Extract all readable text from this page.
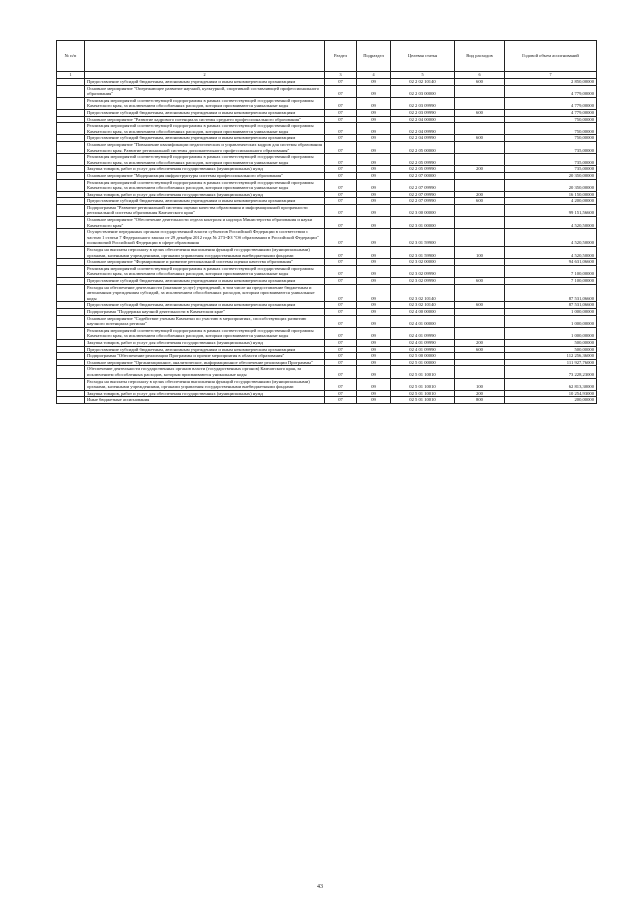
№ п/п		Раздел	Подраздел	Целевая статья	Вид расходов	Годовой объем ассигнований
1	2	3	4	5	6	7
	Предоставление субсидий бюджетным, автономным учреждениям и иным некоммерческим организациям	07	09	02 2 02 10140	600	2 850,00000
	Основное мероприятие "Опережающее развитие научной, культурной, спортивной составляющей профессионального образования"	07	09	02 2 03 00000		4 779,00000
	Реализация мероприятий соответствующей подпрограммы в рамках соответствующей государственной программы Камчатского края, за исключением обособленных расходов, которым присваиваются уникальные коды	07	09	02 2 03 09990		4 779,00000
	Предоставление субсидий бюджетным, автономным учреждениям и иным некоммерческим организациям	07	09	02 2 03 09990	600	4 779,00000
	Основное мероприятие "Развитие кадрового потенциала системы среднего профессионального образования"	07	09	02 2 04 00000		750,00000
	Реализация мероприятий соответствующей подпрограммы в рамках соответствующей государственной программы Камчатского края, за исключением обособленных расходов, которым присваиваются уникальные коды	07	09	02 2 04 09990		750,00000
	Предоставление субсидий бюджетным, автономным учреждениям и иным некоммерческим организациям	07	09	02 2 04 09990	600	750,00000
	Основное мероприятие "Повышение квалификации педагогических и управленческих кадров для системы образования Камчатского края. Развитие региональной системы дополнительного профессионального образования"	07	09	02 2 05 00000		735,00000
	Реализация мероприятий соответствующей подпрограммы в рамках соответствующей государственной программы Камчатского края, за исключением обособленных расходов, которым присваиваются уникальные коды	07	09	02 2 05 09990		735,00000
	Закупка товаров, работ и услуг для обеспечения государственных (муниципальных) нужд	07	09	02 2 05 09990	200	735,00000
	Основное мероприятие "Модернизация инфраструктуры системы профессионального образования"	07	09	02 2 07 00000		20 350,00000
	Реализация мероприятий соответствующей подпрограммы в рамках соответствующей государственной программы Камчатского края, за исключением обособленных расходов, которым присваиваются уникальные коды	07	09	02 2 07 09990		20 350,00000
	Закупка товаров, работ и услуг для обеспечения государственных (муниципальных) нужд	07	09	02 2 07 09990	200	16 150,00000
	Предоставление субсидий бюджетным, автономным учреждениям и иным некоммерческим организациям	07	09	02 2 07 09990	600	4 200,00000
	Подпрограмма "Развитие региональной системы оценки качества образования и информационной прозрачности региональной системы образования Камчатского края"	07	09	02 3 00 00000		99 151,56600
	Основное мероприятие "Обеспечение деятельности отдела контроля и надзора Министерства образования и науки Камчатского края"	07	09	02 3 01 00000		4 520,50000
	Осуществление переданных органам государственной власти субъектов Российской Федерации в соответствии с частью 1 статьи 7 Федерального закона от 29 декабря 2012 года № 273-ФЗ "Об образовании в Российской Федерации" полномочий Российской Федерации в сфере образования	07	09	02 3 01 59900		4 520,50000
	Расходы на выплаты персоналу в целях обеспечения выполнения функций государственными (муниципальными) органами, казенными учреждениями, органами управления государственными внебюджетными фондами	07	09	02 3 01 59900	100	4 520,50000
	Основное мероприятие "Формирование и развитие региональной системы оценки качества образования"	07	09	02 3 02 00000		94 631,06600
	Реализация мероприятий соответствующей подпрограммы в рамках соответствующей государственной программы Камчатского края, за исключением обособленных расходов, которым присваиваются уникальные коды	07	09	02 3 02 09990		7 100,00000
	Предоставление субсидий бюджетным, автономным учреждениям и иным некоммерческим организациям	07	09	02 3 02 09990	600	7 100,00000
	Расходы на обеспечение деятельности (оказание услуг) учреждений, в том числе на предоставление бюджетным и автономным учреждениям субсидий, за исключением обособленных расходов, которым присваиваются уникальные коды	07	09	02 3 02 10140		87 531,06600
	Предоставление субсидий бюджетным, автономным учреждениям и иным некоммерческим организациям	07	09	02 3 02 10140	600	87 531,06600
	Подпрограмма "Поддержка научной деятельности в Камчатском крае"	07	09	02 4 00 00000		1 000,00000
	Основное мероприятие "Содействие ученым Камчатки по участию в мероприятиях, способствующих развитию научного потенциала региона"	07	09	02 4 01 00000		1 000,00000
	Реализация мероприятий соответствующей подпрограммы в рамках соответствующей государственной программы Камчатского края, за исключением обособленных расходов, которым присваиваются уникальные коды	07	09	02 4 01 09990		1 000,00000
	Закупка товаров, работ и услуг для обеспечения государственных (муниципальных) нужд	07	09	02 4 01 09990	200	500,00000
	Предоставление субсидий бюджетным, автономным учреждениям и иным некоммерческим организациям	07	09	02 4 01 09990	600	500,00000
	Подпрограмма "Обеспечение реализации Программы и прочие мероприятия в области образования"	07	09	02 5 00 00000		112 256,36000
	Основное мероприятие "Организационное, аналитическое, информационное обеспечение реализации Программы"	07	09	02 5 01 00000		111 927,76000
	Обеспечение деятельности государственных органов власти (государственных органов) Камчатского края, за исключением обособленных расходов, которым присваиваются уникальные коды	07	09	02 5 01 10010		73 228,23000
	Расходы на выплаты персоналу в целях обеспечения выполнения функций государственными (муниципальными) органами, казенными учреждениями, органами управления государственными внебюджетными фондами	07	09	02 5 01 10010	100	62 813,30000
	Закупка товаров, работ и услуг для обеспечения государственных (муниципальных) нужд	07	09	02 5 01 10010	200	10 254,93000
	Иные бюджетные ассигнования	07	09	02 5 01 10010	800	200,00000
43
